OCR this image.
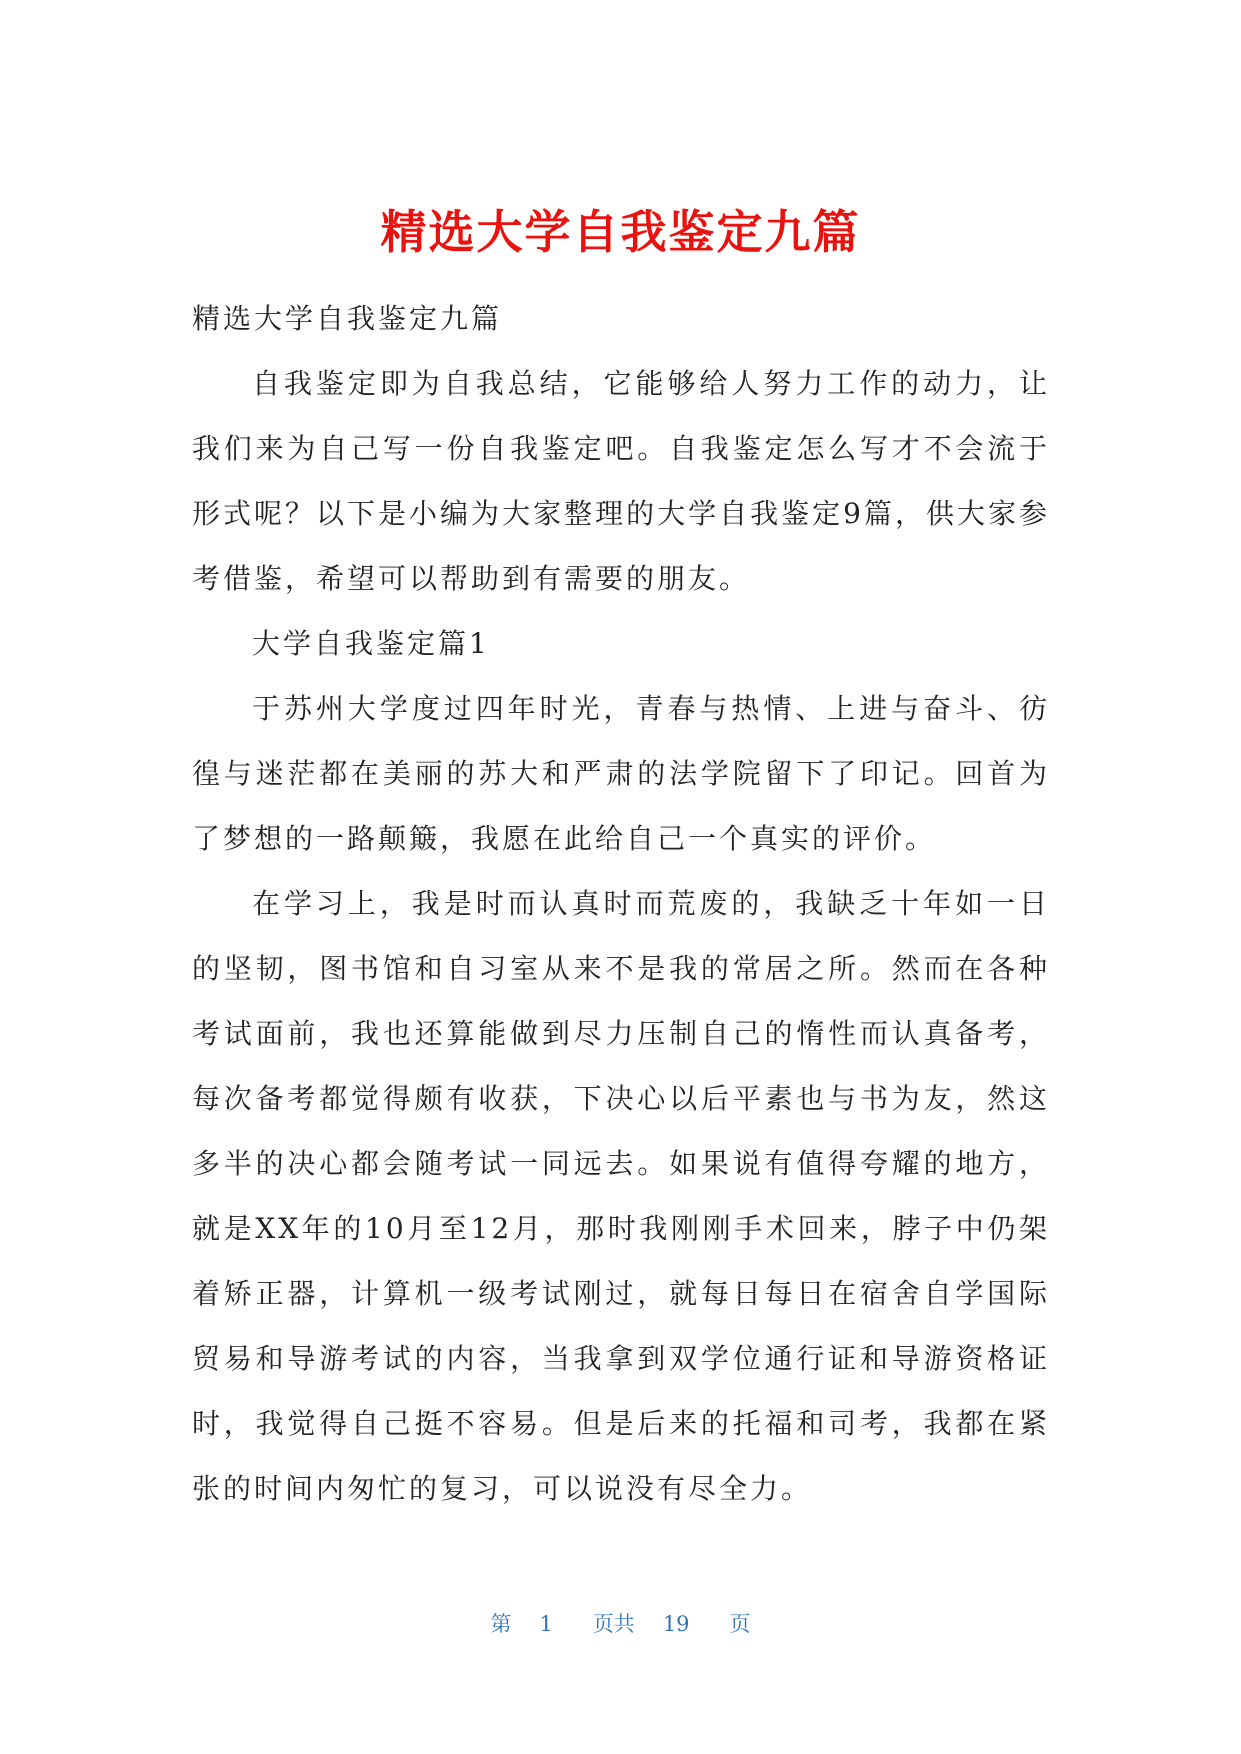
精选大学自我鉴定九篇

精选大学自我鉴定九篇

自我鉴定即为自我总结，它能够给人努力工作的动力，让我们来为自己写一份自我鉴定吧。自我鉴定怎么写才不会流于形式呢？以下是小编为大家整理的大学自我鉴定9篇，供大家参考借鉴，希望可以帮助到有需要的朋友。

大学自我鉴定篇1

于苏州大学度过四年时光，青春与热情、上进与奋斗、彷徨与迷茫都在美丽的苏大和严肃的法学院留下了印记。回首为了梦想的一路颠簸，我愿在此给自己一个真实的评价。

在学习上，我是时而认真时而荒废的，我缺乏十年如一日的坚韧，图书馆和自习室从来不是我的常居之所。然而在各种考试面前，我也还算能做到尽力压制自己的惰性而认真备考，每次备考都觉得颇有收获，下决心以后平素也与书为友，然这多半的决心都会随考试一同远去。如果说有值得夸耀的地方，就是XX年的10月至12月，那时我刚刚手术回来，脖子中仍架着矫正器，计算机一级考试刚过，就每日每日在宿舍自学国际贸易和导游考试的内容，当我拿到双学位通行证和导游资格证时，我觉得自己挺不容易。但是后来的托福和司考，我都在紧张的时间内匆忙的复习，可以说没有尽全力。

第 1 页共 19 页
